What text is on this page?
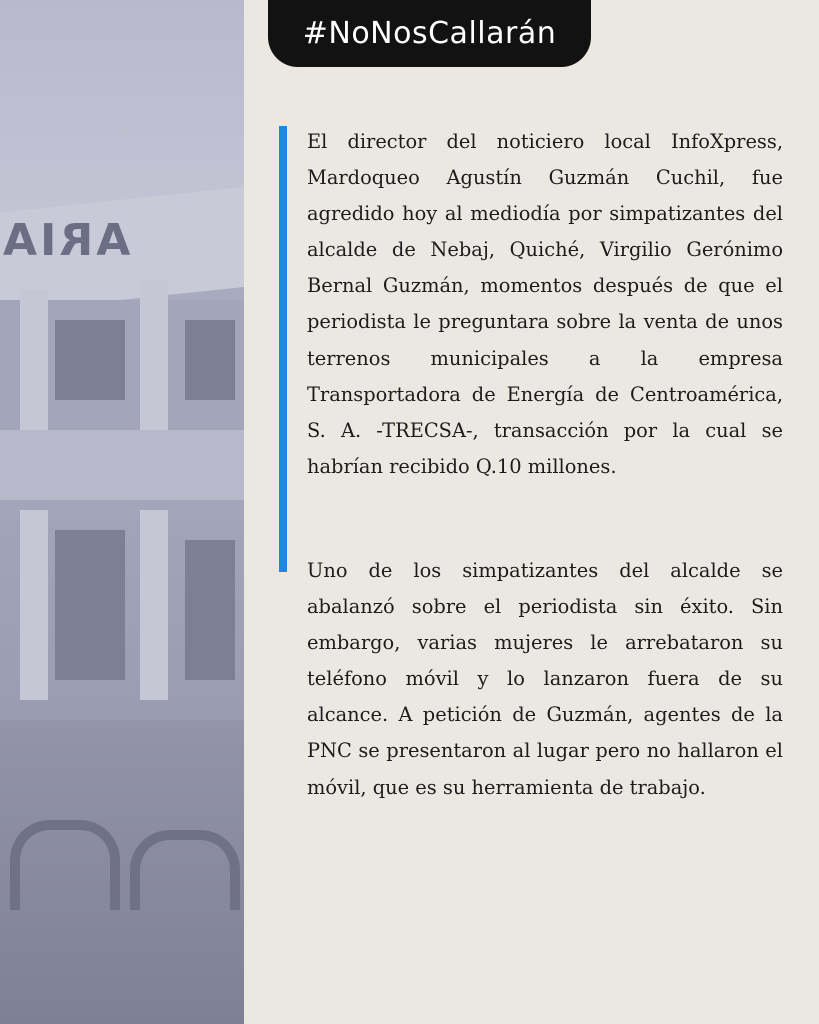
ARIA
#NoNosCallarán

El director del noticiero local InfoXpress, Mardoqueo Agustín Guzmán Cuchil, fue agredido hoy al mediodía por simpatizantes del alcalde de Nebaj, Quiché, Virgilio Gerónimo Bernal Guzmán, momentos después de que el periodista le preguntara sobre la venta de unos terrenos municipales a la empresa Transportadora de Energía de Centroamérica, S. A. -TRECSA-, transacción por la cual se habrían recibido Q.10 millones.

Uno de los simpatizantes del alcalde se abalanzó sobre el periodista sin éxito. Sin embargo, varias mujeres le arrebataron su teléfono móvil y lo lanzaron fuera de su alcance. A petición de Guzmán, agentes de la PNC se presentaron al lugar pero no hallaron el móvil, que es su herramienta de trabajo.
